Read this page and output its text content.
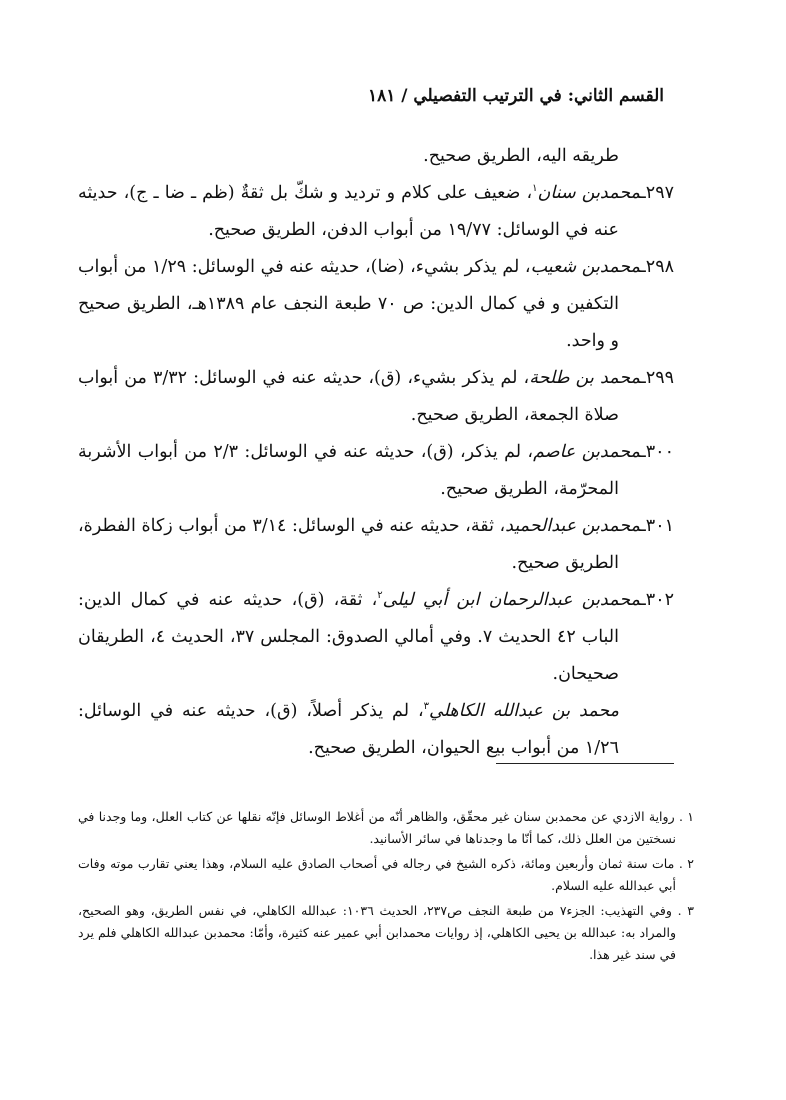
القسم الثاني: في الترتيب التفصيلي / ١٨١

طريقه اليه، الطريق صحيح.

٢٩٧ـمحمدبن سنان$^١$، ضعيف على كلام و ترديد و شكّ بل ثقةٌ (ظم ـ ضا ـ ج)، حديثه عنه في الوسائل: ١٩/٧٧ من أبواب الدفن، الطريق صحيح.

٢٩٨ـمحمدبن شعيب، لم يذكر بشيء، (ضا)، حديثه عنه في الوسائل: ١/٢٩ من أبواب التكفين و في كمال الدين: ص ٧٠ طبعة النجف عام ١٣٨٩هـ، الطريق صحيح و واحد.

٢٩٩ـمحمد بن طلحة، لم يذكر بشيء، (ق)، حديثه عنه في الوسائل: ٣/٣٢ من أبواب صلاة الجمعة، الطريق صحيح.

٣٠٠ـمحمدبن عاصم، لم يذكر، (ق)، حديثه عنه في الوسائل: ٢/٣ من أبواب الأشربة المحرّمة، الطريق صحيح.

٣٠١ـمحمدبن عبدالحميد، ثقة، حديثه عنه في الوسائل: ٣/١٤ من أبواب زكاة الفطرة، الطريق صحيح.

٣٠٢ـمحمدبن عبدالرحمان ابن أبي ليلى$^٢$، ثقة، (ق)، حديثه عنه في كمال الدين: الباب ٤٢ الحديث ٧. وفي أمالي الصدوق: المجلس ٣٧، الحديث ٤، الطريقان صحيحان.

محمد بن عبدالله الكاهلي$^٣$، لم يذكر أصلاً، (ق)، حديثه عنه في الوسائل: ١/٢٦ من أبواب بيع الحيوان، الطريق صحيح.

١ . رواية الازدي عن محمدبن سنان غير محقّق، والظاهر أنّه من أغلاط الوسائل فإنّه نقلها عن كتاب العلل، وما وجدنا في نسختين من العلل ذلك، كما أنّا ما وجدناها في سائر الأسانيد.

٢ . مات سنة ثمان وأربعين ومائة، ذكره الشيخ في رجاله في أصحاب الصادق عليه السلام، وهذا يعني تقارب موته وفات أبي عبدالله عليه السلام.

٣ . وفي التهذيب: الجزء٧ من طبعة النجف ص٢٣٧، الحديث ١٠٣٦: عبدالله الكاهلي، في نفس الطريق، وهو الصحيح، والمراد به: عبدالله بن يحيى الكاهلي، إذ روايات محمدابن أبي عمير عنه كثيرة، وأمّا: محمدبن عبدالله الكاهلي فلم يرد في سند غير هذا.
